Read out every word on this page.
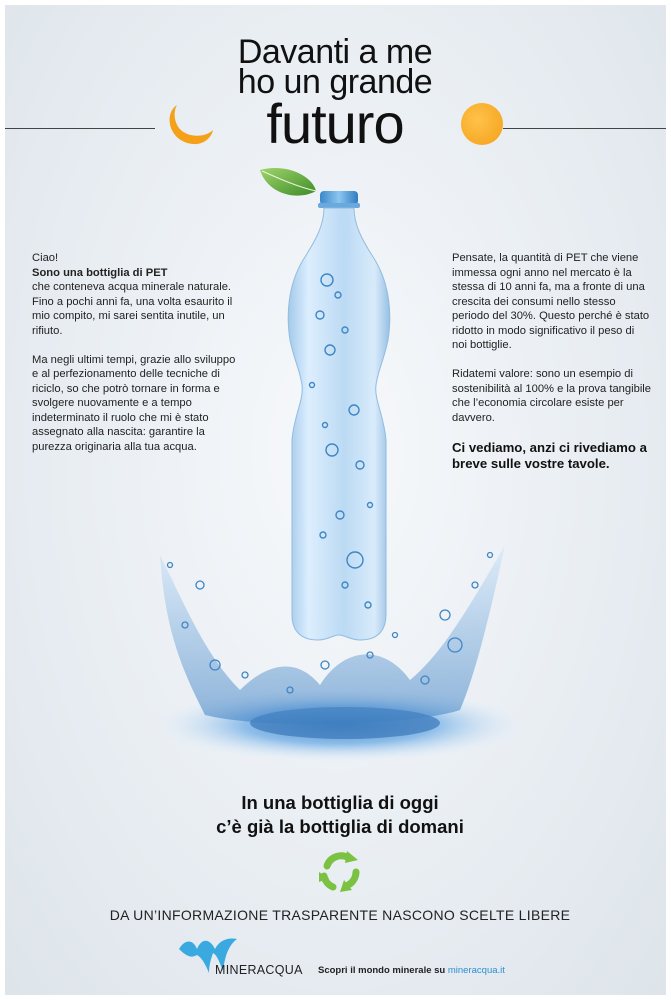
Davanti a me
ho un grande
futuro

Ciao!
Sono una bottiglia di PET
che conteneva acqua minerale naturale. Fino a pochi anni fa, una volta esaurito il mio compito, mi sarei sentita inutile, un rifiuto.

Ma negli ultimi tempi, grazie allo sviluppo e al perfezionamento delle tecniche di riciclo, so che potrò tornare in forma e svolgere nuovamente e a tempo indeterminato il ruolo che mi è stato assegnato alla nascita: garantire la purezza originaria alla tua acqua.

Pensate, la quantità di PET che viene immessa ogni anno nel mercato è la stessa di 10 anni fa, ma a fronte di una crescita dei consumi nello stesso periodo del 30%. Questo perché è stato ridotto in modo significativo il peso di noi bottiglie.

Ridatemi valore: sono un esempio di sostenibilità al 100% e la prova tangibile che l’economia circolare esiste per davvero.

Ci vediamo, anzi ci rivediamo a breve sulle vostre tavole.
In una bottiglia di oggi
c’è già la bottiglia di domani
DA UN’INFORMAZIONE TRASPARENTE NASCONO SCELTE LIBERE
MINERACQUA Scopri il mondo minerale su mineracqua.it
